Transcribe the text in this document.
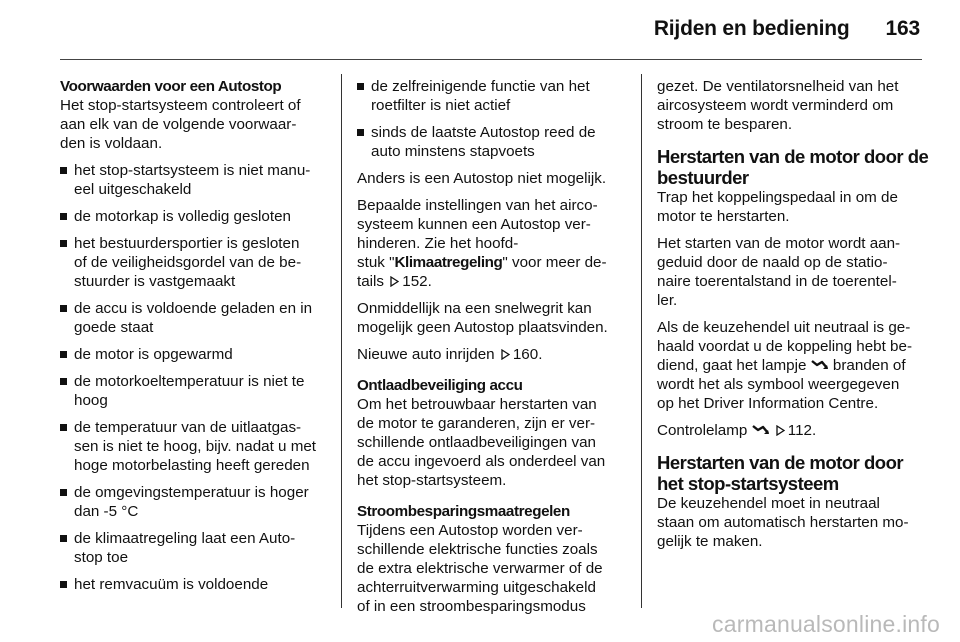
Rijden en bediening 163
Voorwaarden voor een Autostop
Het stop-startsysteem controleert of
aan elk van de volgende voorwaar-
den is voldaan.
het stop-startsysteem is niet manu-
eel uitgeschakeld
de motorkap is volledig gesloten
het bestuurdersportier is gesloten
of de veiligheidsgordel van de be-
stuurder is vastgemaakt
de accu is voldoende geladen en in
goede staat
de motor is opgewarmd
de motorkoeltemperatuur is niet te
hoog
de temperatuur van de uitlaatgas-
sen is niet te hoog, bijv. nadat u met
hoge motorbelasting heeft gereden
de omgevingstemperatuur is hoger
dan -5 °C
de klimaatregeling laat een Auto-
stop toe
het remvacuüm is voldoende
de zelfreinigende functie van het
roetfilter is niet actief
sinds de laatste Autostop reed de
auto minstens stapvoets
Anders is een Autostop niet mogelijk.
Bepaalde instellingen van het airco-
systeem kunnen een Autostop ver-
hinderen. Zie het hoofd-
stuk "Klimaatregeling" voor meer de-
tails 152.
Onmiddellijk na een snelwegrit kan
mogelijk geen Autostop plaatsvinden.
Nieuwe auto inrijden 160.
Ontlaadbeveiliging accu
Om het betrouwbaar herstarten van
de motor te garanderen, zijn er ver-
schillende ontlaadbeveiligingen van
de accu ingevoerd als onderdeel van
het stop-startsysteem.
Stroombesparingsmaatregelen
Tijdens een Autostop worden ver-
schillende elektrische functies zoals
de extra elektrische verwarmer of de
achterruitverwarming uitgeschakeld
of in een stroombesparingsmodus
gezet. De ventilatorsnelheid van het
aircosysteem wordt verminderd om
stroom te besparen.
Herstarten van de motor door de
bestuurder
Trap het koppelingspedaal in om de
motor te herstarten.
Het starten van de motor wordt aan-
geduid door de naald op de statio-
naire toerentalstand in de toerentel-
ler.
Als de keuzehendel uit neutraal is ge-
haald voordat u de koppeling hebt be-
diend, gaat het lampje branden of
wordt het als symbool weergegeven
op het Driver Information Centre.
Controlelamp	112.
Herstarten van de motor door
het stop-startsysteem
De keuzehendel moet in neutraal
staan om automatisch herstarten mo-
gelijk te maken.
carmanualsonline.info
